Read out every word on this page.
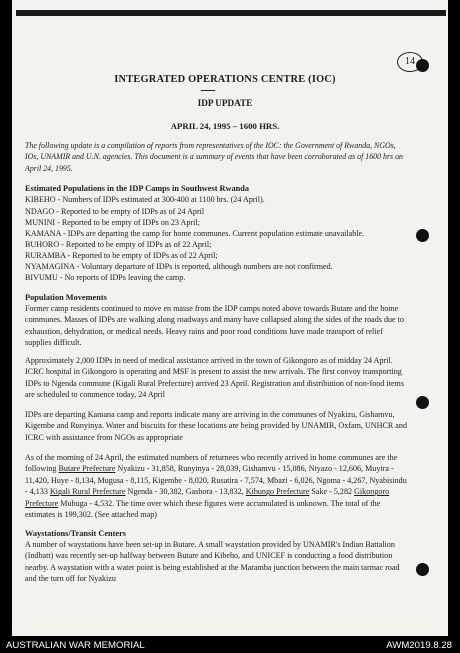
14
INTEGRATED OPERATIONS CENTRE (IOC)
IDP UPDATE
APRIL 24, 1995 – 1600 HRS.
The following update is a compilation of reports from representatives of the IOC: the Government of Rwanda, NGOs, IOs, UNAMIR and U.N. agencies. This document is a summary of events that have been corroborated as of 1600 hrs on April 24, 1995.
Estimated Populations in the IDP Camps in Southwest Rwanda
KIBEHO - Numbers of IDPs estimated at 300-400 at 1100 hrs. (24 April).
NDAGO - Reported to be empty of IDPs as of 24 April
MUNINI - Reported to be empty of IDPs on 23 April;
KAMANA - IDPs are departing the camp for home communes. Current population estimate unavailable.
BUHORO - Reported to be empty of IDPs as of 22 April;
RURAMBA - Reported to be empty of IDPs as of 22 April;
NYAMAGINA - Voluntary departure of IDPs is reported, although numbers are not confirmed.
BIVUMU - No reports of IDPs leaving the camp.
Population Movements
Former camp residents continued to move en masse from the IDP camps noted above towards Butare and the home communes. Masses of IDPs are walking along roadways and many have collapsed along the sides of the roads due to exhaustion, dehydration, or medical needs. Heavy rains and poor road conditions have made transport of relief supplies difficult.
Approximately 2,000 IDPs in need of medical assistance arrived in the town of Gikongoro as of midday 24 April. ICRC hospital in Gikongoro is operating and MSF is present to assist the new arrivals. The first convoy transporting IDPs to Ngenda commune (Kigali Rural Prefecture) arrived 23 April. Registration and distribution of non-food items are scheduled to commence today, 24 April
IDPs are departing Kamana camp and reports indicate many are arriving in the communes of Nyakizu, Gishamvu, Kigembe and Runyinya. Water and biscuits for these locations are being provided by UNAMIR, Oxfam, UNHCR and ICRC with assistance from NGOs as appropriate
As of the morning of 24 April, the estimated numbers of returnees who recently arrived in home communes are the following Butare Prefecture Nyakizu - 31,858, Runyinya - 28,039, Gishamvu - 15,086, Ntyazo - 12,606, Muyira - 11,420, Huye - 8,134, Mugusa - 8,115, Kigembe - 8,020, Rusatira - 7,574, Mbazi - 6,026, Ngoma - 4,267, Nyabisindu - 4,133 Kigali Rural Prefecture Ngenda - 30,382, Gashora - 13,832, Kibungo Prefecture Sake - 5,282 Gikongoro Prefecture Mubuga - 4,532. The time over which these figures were accumulated is unknown. The total of the estimates is 199,302. (See attached map)
Waystations/Transit Centers
A number of waystations have been set-up in Butare. A small waystation provided by UNAMIR's Indian Battalion (Indbatt) was recently set-up halfway between Butare and Kibeho, and UNICEF is conducting a food distribution nearby. A waystation with a water point is being established at the Maramba junction between the main tarmac road and the turn off for Nyakizu
AUSTRALIAN WAR MEMORIAL	AWM2019.8.28
